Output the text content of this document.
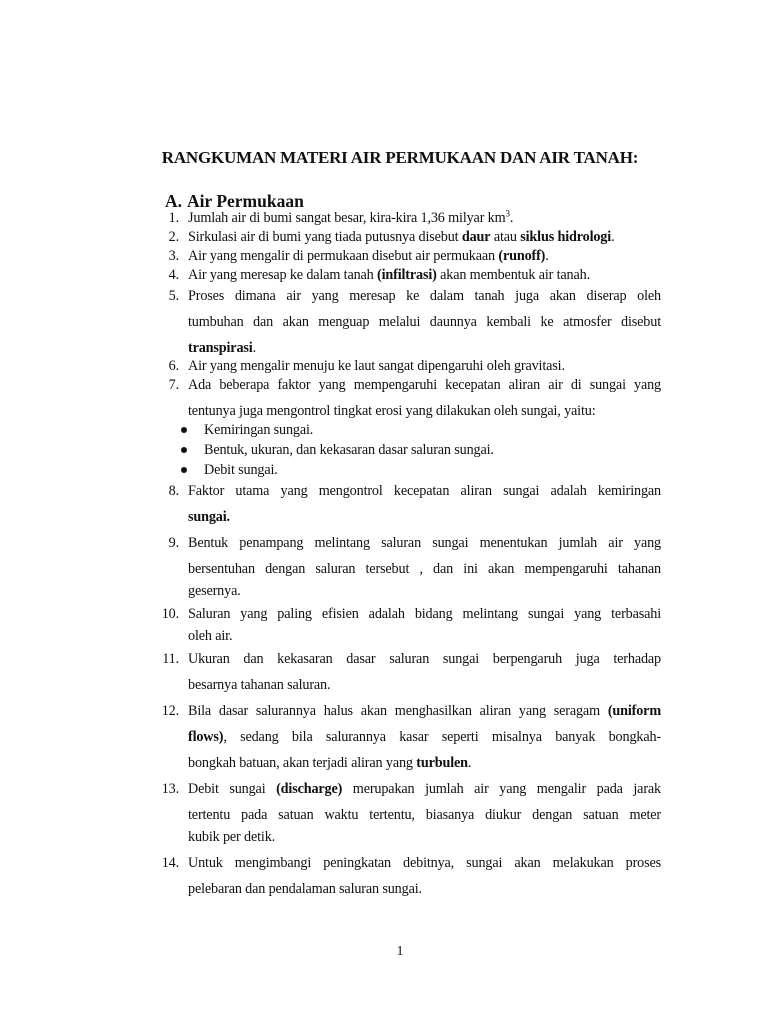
RANGKUMAN MATERI AIR PERMUKAAN DAN AIR TANAH:
A. Air Permukaan
1. Jumlah air di bumi sangat besar, kira-kira 1,36 milyar $km^3$.
2. Sirkulasi air di bumi yang tiada putusnya disebut daur atau siklus hidrologi.
3. Air yang mengalir di permukaan disebut air permukaan (runoff).
4. Air yang meresap ke dalam tanah (infiltrasi) akan membentuk air tanah.
5. Proses dimana air yang meresap ke dalam tanah juga akan diserap oleh
tumbuhan dan akan menguap melalui daunnya kembali ke atmosfer disebut
transpirasi.
6. Air yang mengalir menuju ke laut sangat dipengaruhi oleh gravitasi.
7. Ada beberapa faktor yang mempengaruhi kecepatan aliran air di sungai yang
tentunya juga mengontrol tingkat erosi yang dilakukan oleh sungai, yaitu:
Kemiringan sungai.
Bentuk, ukuran, dan kekasaran dasar saluran sungai.
Debit sungai.
8. Faktor utama yang mengontrol kecepatan aliran sungai adalah kemiringan
sungai.
9. Bentuk penampang melintang saluran sungai menentukan jumlah air yang
bersentuhan dengan saluran tersebut , dan ini akan mempengaruhi tahanan
gesernya.
10. Saluran yang paling efisien adalah bidang melintang sungai yang terbasahi
oleh air.
11. Ukuran dan kekasaran dasar saluran sungai berpengaruh juga terhadap
besarnya tahanan saluran.
12. Bila dasar salurannya halus akan menghasilkan aliran yang seragam (uniform
flows), sedang bila salurannya kasar seperti misalnya banyak bongkah-
bongkah batuan, akan terjadi aliran yang turbulen.
13. Debit sungai (discharge) merupakan jumlah air yang mengalir pada jarak
tertentu pada satuan waktu tertentu, biasanya diukur dengan satuan meter
kubik per detik.
14. Untuk mengimbangi peningkatan debitnya, sungai akan melakukan proses
pelebaran dan pendalaman saluran sungai.
1
